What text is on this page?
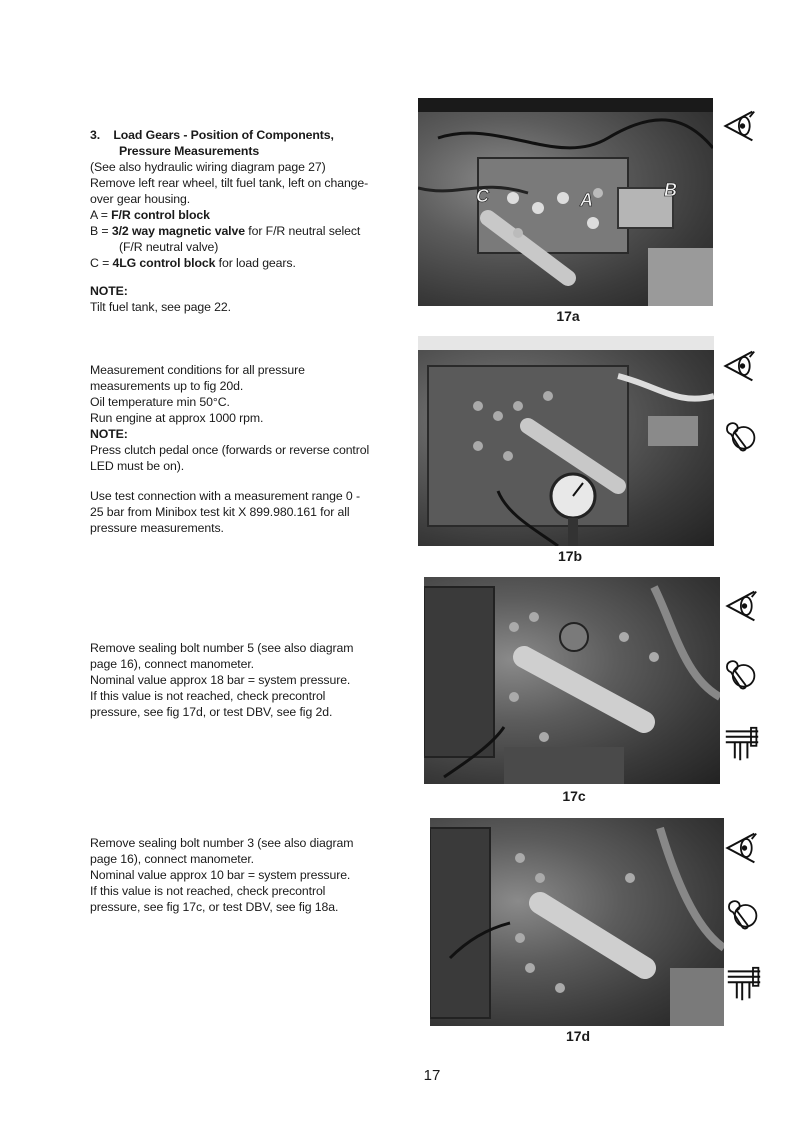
3. Load Gears - Position of Components,

Pressure Measurements

(See also hydraulic wiring diagram page 27)

Remove left rear wheel, tilt fuel tank, left on change-

over gear housing.

A = F/R control block

B = 3/2 way magnetic valve for F/R neutral select

(F/R neutral valve)

C = 4LG control block for load gears.

NOTE:

Tilt fuel tank, see page 22.

Measurement conditions for all pressure

measurements up to fig 20d.

Oil temperature min 50°C.

Run engine at approx 1000 rpm.

NOTE:

Press clutch pedal once (forwards or reverse control

LED must be on).

Use test connection with a measurement range 0 -

25 bar from Minibox test kit X 899.980.161 for all

pressure measurements.

Remove sealing bolt number 5 (see also diagram

page 16), connect manometer.

Nominal value approx 18 bar = system pressure.

If this value is not reached, check precontrol

pressure, see fig 17d, or test DBV, see fig 2d.

Remove sealing bolt number 3 (see also diagram

page 16), connect manometer.

Nominal value approx 10 bar = system pressure.

If this value is not reached, check precontrol

pressure, see fig 17c, or test DBV, see fig 18a.

C	A	B
17a
17b
17c
17d
17
